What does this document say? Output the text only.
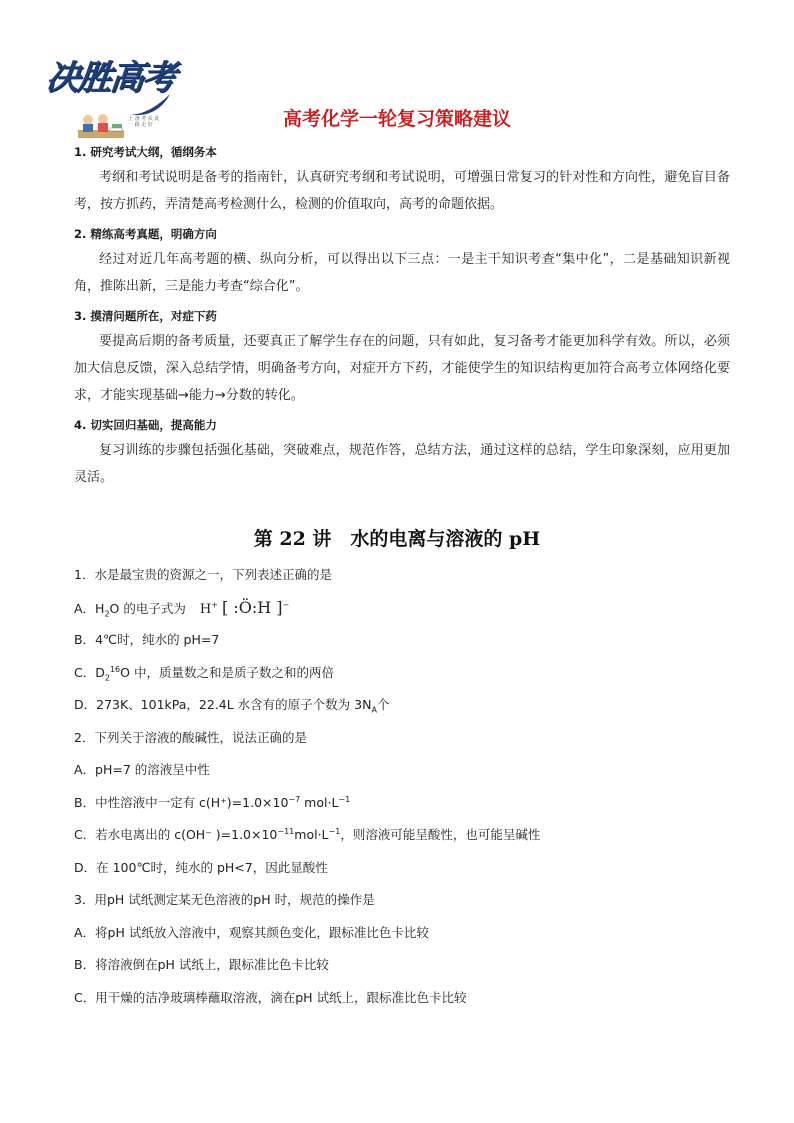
决胜高考
上 备 考 从 此
一 路 走 好	高考化学一轮复习策略建议
1. 研究考试大纲，循纲务本
考纲和考试说明是备考的指南针，认真研究考纲和考试说明，可增强日常复习的针对性和方向性，避免盲目备考，按方抓药，弄清楚高考检测什么，检测的价值取向，高考的命题依据。
2. 精练高考真题，明确方向
经过对近几年高考题的横、纵向分析，可以得出以下三点：一是主干知识考查“集中化”，二是基础知识新视角，推陈出新，三是能力考查“综合化”。
3. 摸清问题所在，对症下药
要提高后期的备考质量，还要真正了解学生存在的问题，只有如此，复习备考才能更加科学有效。所以，必须加大信息反馈，深入总结学情，明确备考方向，对症开方下药，才能使学生的知识结构更加符合高考立体网络化要求，才能实现基础→能力→分数的转化。
4. 切实回归基础，提高能力
复习训练的步骤包括强化基础，突破难点，规范作答，总结方法，通过这样的总结，学生印象深刻，应用更加灵活。
第 22 讲　水的电离与溶液的 pH
1．水是最宝贵的资源之一，下列表述正确的是
A．$H_2O$ 的电子式为 H+ [ :Ö:H ]−
B．4℃时，纯水的 pH=7
C．$D_2^{16}O$ 中，质量数之和是质子数之和的两倍
D．273K、101kPa，22.4L 水含有的原子个数为 $3N_A$个
2．下列关于溶液的酸碱性，说法正确的是
A．pH=7 的溶液呈中性
B．中性溶液中一定有 $c(H^+)=1.0\times 10^{-7}$ $mol\cdot L^{-1}$
C．若水电离出的 c(OH⁻ )$=1.0\times 10^{-11}mol\cdot L^{-1}$，则溶液可能呈酸性，也可能呈碱性
D．在 100℃时，纯水的 pH<7，因此显酸性
3．用pH 试纸测定某无色溶液的pH 时，规范的操作是
A．将pH 试纸放入溶液中，观察其颜色变化，跟标准比色卡比较
B．将溶液倒在pH 试纸上，跟标准比色卡比较
C．用干燥的洁净玻璃棒蘸取溶液，滴在pH 试纸上，跟标准比色卡比较
